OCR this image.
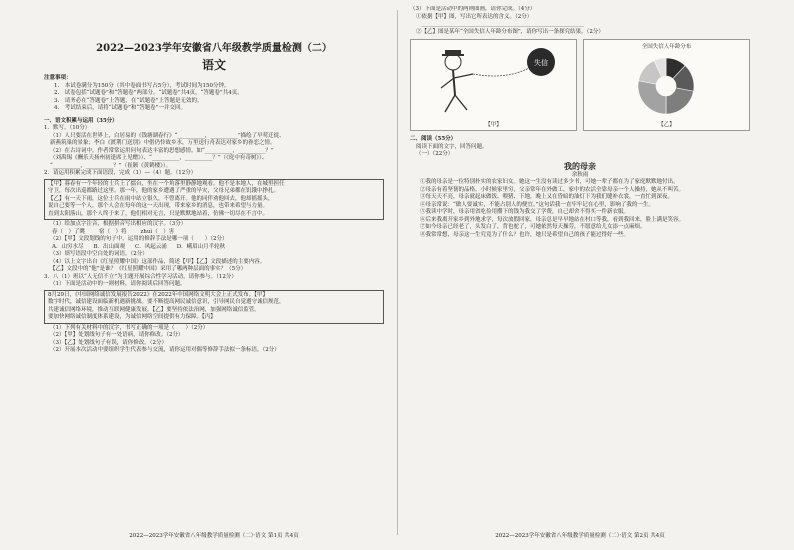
2022—2023学年安徽省八年级教学质量检测（二）
语文
注意事项：
1.　本试卷满分为150分（其中卷面书写占5分），考试时间为150分钟。
2.　试卷包括“试题卷”和“答题卷”两部分。“试题卷”共4页，“答题卷”共4页。
3.　请务必在“答题卷”上答题，在“试题卷”上答题是无效的。
4.　考试结束后，请将“试题卷”和“答题卷”一并交回。
一、语文积累与运用（35分）

1．默写。（10分）

（1）人只要活在世界上，白居易的《钱塘湖春行》“__________，__________”描绘了早莺迁徙、

新燕筑巢的景象；李白《渡荆门送别》中借仍怜故乡水，万里送行舟表达对家乡的眷恋之情。

（2）在古诗词中，作者常常运用问句表达丰富的思想感情。如“__________，__________？”

（刘禹锡《酬乐天扬州初逢席上见赠》）、“__________，__________？”（《庭中有奇树》）、

“__________，__________？”（崔颢《黄鹤楼》）。

2．请运用积累完成下面语段，完成（1）—（4）题。（12分）

【甲】暮春有一个年轻的士兵上了擂台，坐在一个角落里静静地观看。他不是本地人，在城里担任

守卫，每次出巡都路过这里。那一年，他的家乡遭遇了严重的旱灾，父母兄弟都在饥饿中挣扎。

【乙】有一天下雨，这位士兵在雨中站立很久，不曾离开。他的同伴劝他回去，他却摇摇头，

说自己要等一个人。那个人会在每年的这一天出现，带来家乡的消息，也带来希望与力量。

直到太阳落山，那个人终于来了，他们相对无言，只是默默地站着，仿佛一切尽在不言中。

（1）给加点字注音，根据拼音写出相应的汉字。（3分）

春（　）了眺	宿（　）将	zhuì（　）害

（2）【甲】文段划线的句子中，运用的修辞手法是哪一项（　　）（2分）

A．山穷水尽 B．出山面观 C．风起云涌 D．峨眉山月半轮秋

（3）填写语段中空白处的词语。（2分）

（4）以上文字出自《红星照耀中国》这部作品，简述【甲】【乙】文段描述的主要内容。

【乙】文段中的“他”是谁？《红星照耀中国》采用了哪两种层面的事实？（5分）

3．八（1）班以“人无信不立”为主题开展综合性学习活动，请你参与。（12分）

（1）下面是活动中的一则材料，请你阅读后回答问题。

8月29日，《中国网络诚信发展报告2022》在2022年中国网络文明大会上正式发布。【甲】

数字时代，诚信建设面临新机遇新挑战。要不断提高网民诚信意识，引导网民自觉遵守诚信规范，

共建诚信网络环境，推动互联网健康发展。【乙】要坚持依法治网，加强网络诚信监管。

要加快网络诚信制度体系建设，为诚信网络空间提供有力保障。【丙】

（1）下列有关材料中的汉字，书写正确的一项是（　　）（2分）

（2）【甲】处划线句子有一处语病，请你修改。（2分）

（3）【乙】处划线句子有误，请你修改。（2分）

（2）开展本次活动中要组织学生代表参与交流，请你运用对偶等修辞手法拟一条标语。（2分）

2022—2023学年安徽省八年级教学质量检测（二）·语文 第1页 共4页

（3）下面是活动中的两则图画，请你完成。（4分）

①依据【甲】图，写出它所表达的含义。（2分）

　___________________________________________________________

②【乙】图是某年“全国失信人年龄分布图”，请你写出一条探究结果。（2分）

失信
【甲】
全国失信人年龄分布
【乙】
二、阅读（55分）

阅读下面的文字，回答问题。

（一）（22分）

我的母亲
余秋雨

①我的母亲是一位特别朴实的农家妇女。她这一生没有读过多少书，可她一辈子都在为了家庭默默地付出。

②母亲有着坚韧的品格。小时候家里穷，父亲常年在外做工，家中的农活全靠母亲一个人操持，她从不叫苦。

③每天天不亮，母亲就起床做饭、喂猪、下地，晚上又在昏暗的油灯下为我们缝补衣裳，一直忙到深夜。

④母亲常说：“做人要诚实，不能占别人的便宜。”这句话我一直牢牢记在心里，影响了我的一生。

⑤我读中学时，母亲用省吃俭用攒下的钱为我交了学费，自己却舍不得买一件新衣服。

⑥后来我离开家乡到外地求学，每次放假回家，母亲总是早早地站在村口等我，看到我回来，脸上满是笑容。

⑦如今母亲已经老了，头发白了，背也驼了，可她依然每天操劳，不愿意给儿女添一点麻烦。

⑧我常常想，母亲这一生究竟为了什么？也许，她只是希望自己的孩子能过得好一些。

2022—2023学年安徽省八年级教学质量检测（二）·语文 第2页 共4页
